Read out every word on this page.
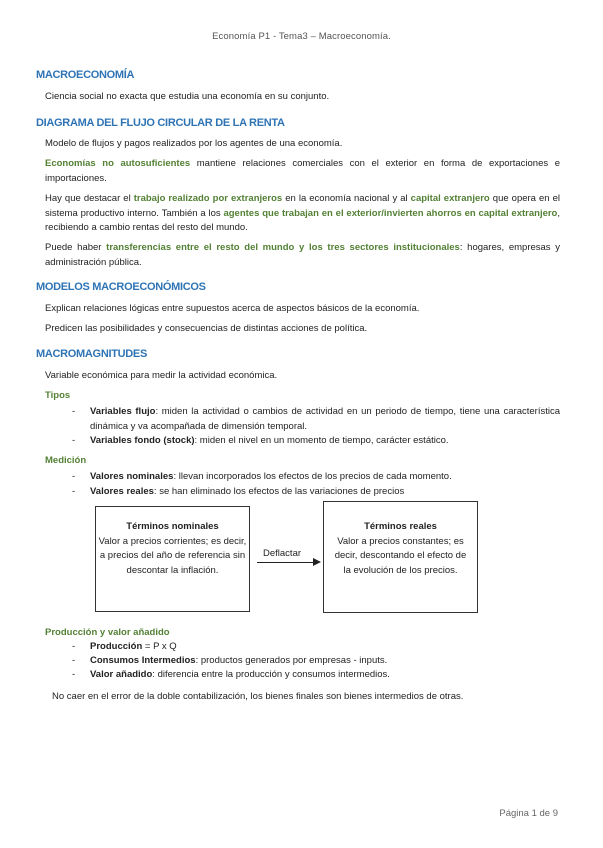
Economía P1 - Tema3 – Macroeconomía.
MACROECONOMÍA
Ciencia social no exacta que estudia una economía en su conjunto.
DIAGRAMA DEL FLUJO CIRCULAR DE LA RENTA
Modelo de flujos y pagos realizados por los agentes de una economía.
Economías no autosuficientes mantiene relaciones comerciales con el exterior en forma de exportaciones e importaciones.
Hay que destacar el trabajo realizado por extranjeros en la economía nacional y al capital extranjero que opera en el sistema productivo interno. También a los agentes que trabajan en el exterior/invierten ahorros en capital extranjero, recibiendo a cambio rentas del resto del mundo.
Puede haber transferencias entre el resto del mundo y los tres sectores institucionales: hogares, empresas y administración pública.
MODELOS MACROECONÓMICOS
Explican relaciones lógicas entre supuestos acerca de aspectos básicos de la economía.
Predicen las posibilidades y consecuencias de distintas acciones de política.
MACROMAGNITUDES
Variable económica para medir la actividad económica.
Tipos
- Variables flujo: miden la actividad o cambios de actividad en un periodo de tiempo, tiene una característica dinámica y va acompañada de dimensión temporal.
- Variables fondo (stock): miden el nivel en un momento de tiempo, carácter estático.
Medición
- Valores nominales: llevan incorporados los efectos de los precios de cada momento.
- Valores reales: se han eliminado los efectos de las variaciones de precios
Términos nominales
Valor a precios corrientes; es decir, a precios del año de referencia sin descontar la inflación.
Deflactar
Términos reales
Valor a precios constantes; es decir, descontando el efecto de la evolución de los precios.
Producción y valor añadido
- Producción = P x Q
- Consumos Intermedios: productos generados por empresas - inputs.
- Valor añadido: diferencia entre la producción y consumos intermedios.
No caer en el error de la doble contabilización, los bienes finales son bienes intermedios de otras.
Página 1 de 9
